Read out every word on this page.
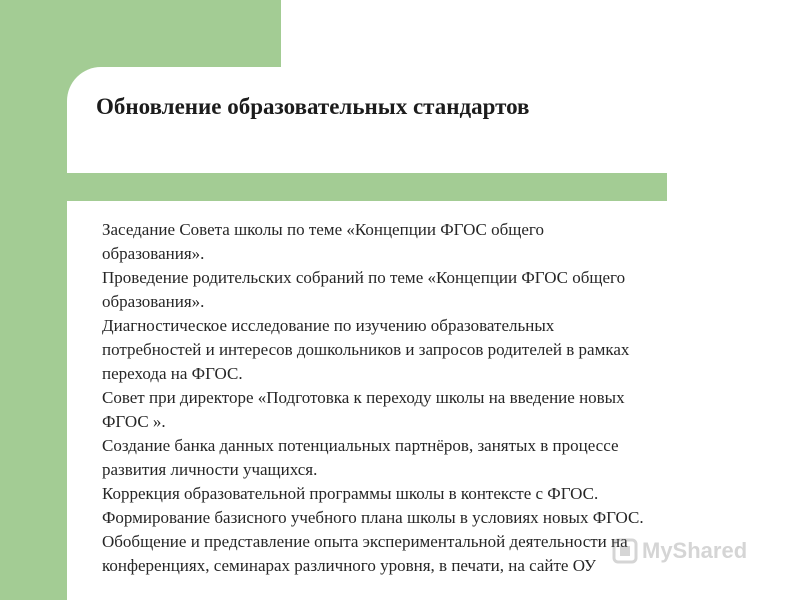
Обновление образовательных стандартов
Заседание Совета школы по теме «Концепции ФГОС общего
образования».
Проведение родительских собраний по теме «Концепции ФГОС общего
образования».
Диагностическое исследование по изучению образовательных
потребностей и интересов дошкольников и запросов родителей в рамках
перехода на ФГОС.
Совет при директоре «Подготовка к переходу школы на введение новых
ФГОС ».
Создание банка данных потенциальных партнёров, занятых в процессе
развития личности учащихся.
Коррекция образовательной программы школы в контексте с ФГОС.
Формирование базисного учебного плана школы в условиях новых ФГОС.
Обобщение и представление опыта экспериментальной деятельности на
конференциях, семинарах различного уровня, в печати, на сайте ОУ
MyShared
